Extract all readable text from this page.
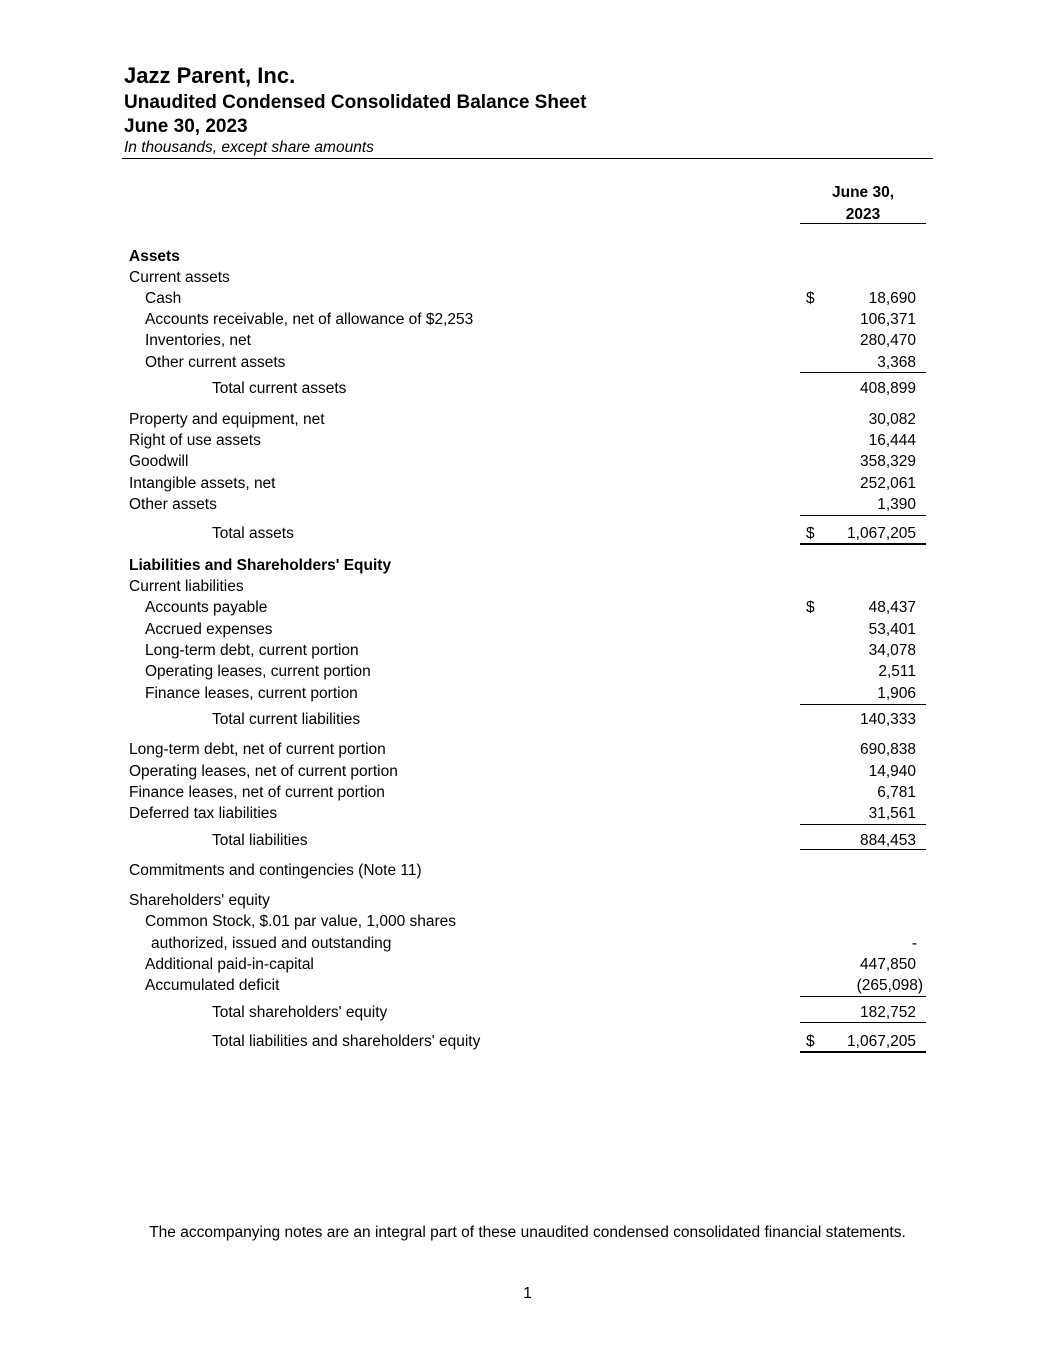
Jazz Parent, Inc.
Unaudited Condensed Consolidated Balance Sheet
June 30, 2023
In thousands, except share amounts
June 30,
2023
Assets
Current assets
Cash	$	18,690
Accounts receivable, net of allowance of $2,253	106,371
Inventories, net	280,470
Other current assets	3,368
Total current assets	408,899
Property and equipment, net	30,082
Right of use assets	16,444
Goodwill	358,329
Intangible assets, net	252,061
Other assets	1,390
Total assets	$ 1,067,205
Liabilities and Shareholders' Equity
Current liabilities
Accounts payable	$	48,437
Accrued expenses	53,401
Long-term debt, current portion	34,078
Operating leases, current portion	2,511
Finance leases, current portion	1,906
Total current liabilities	140,333
Long-term debt, net of current portion	690,838
Operating leases, net of current portion	14,940
Finance leases, net of current portion	6,781
Deferred tax liabilities	31,561
Total liabilities	884,453
Commitments and contingencies (Note 11)
Shareholders' equity
Common Stock, $.01 par value, 1,000 shares
authorized, issued and outstanding	-
Additional paid-in-capital	447,850
Accumulated deficit	(265,098)
Total shareholders' equity	182,752
Total liabilities and shareholders' equity	$ 1,067,205
The accompanying notes are an integral part of these unaudited condensed consolidated financial statements.
1
